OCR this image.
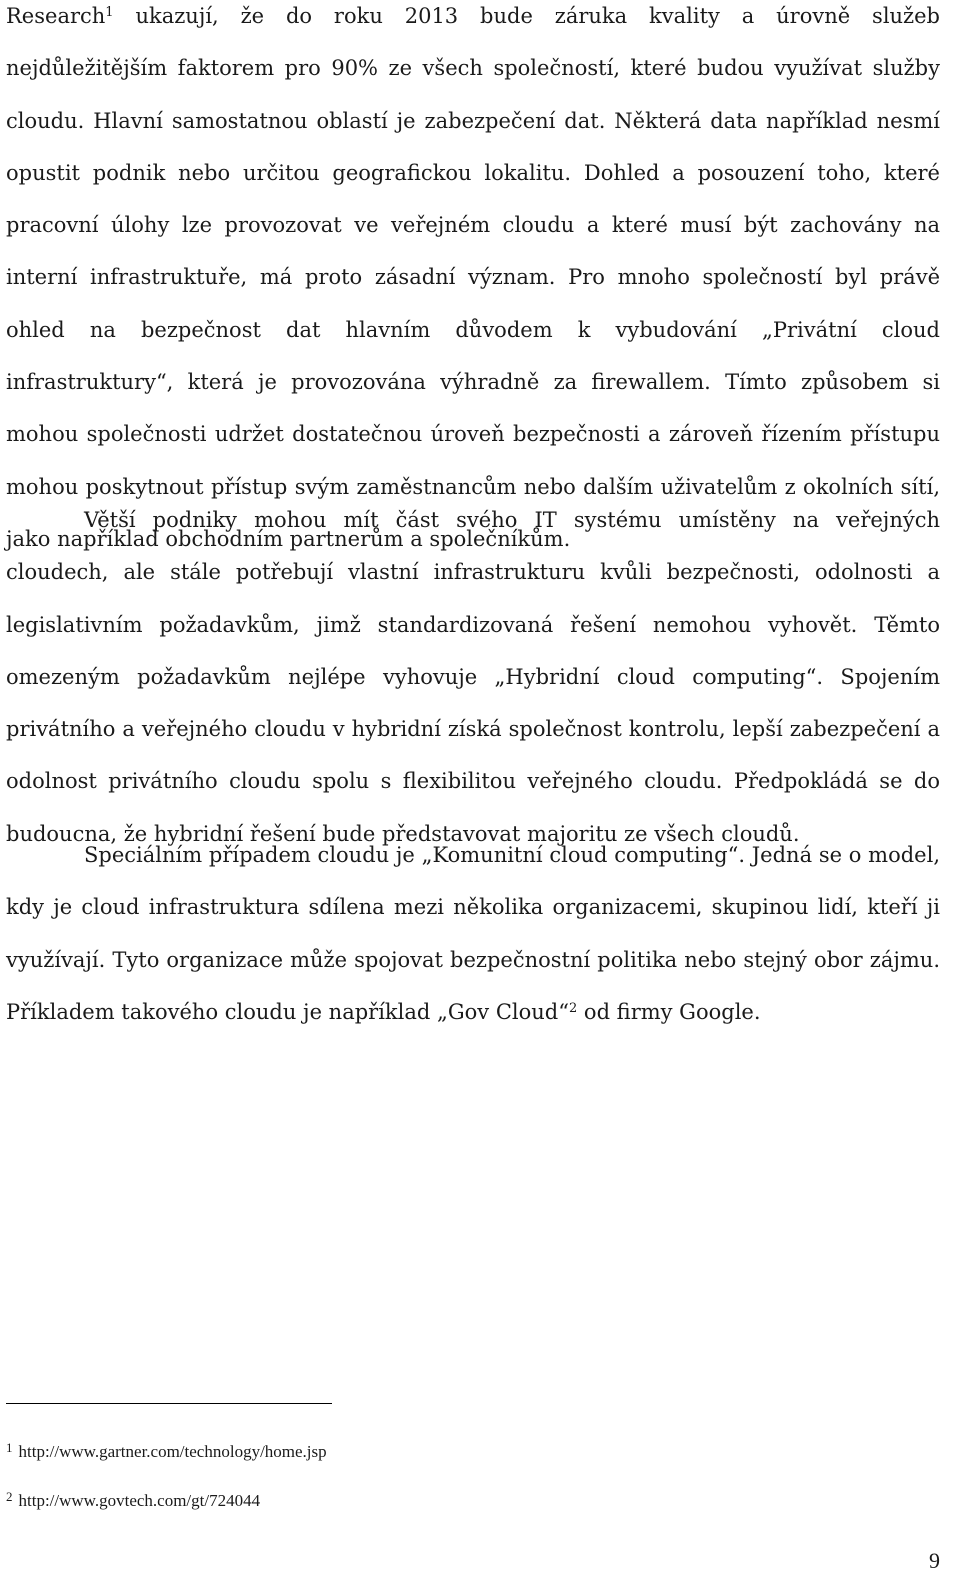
Research$^1$ ukazují, že do roku 2013 bude záruka kvality a úrovně služeb nejdůležitějším faktorem pro 90% ze všech společností, které budou využívat služby cloudu. Hlavní samostatnou oblastí je zabezpečení dat. Některá data například nesmí opustit podnik nebo určitou geografickou lokalitu. Dohled a posouzení toho, které pracovní úlohy lze provozovat ve veřejném cloudu a které musí být zachovány na interní infrastruktuře, má proto zásadní význam. Pro mnoho společností byl právě ohled na bezpečnost dat hlavním důvodem k vybudování „Privátní cloud infrastruktury“, která je provozována výhradně za firewallem. Tímto způsobem si mohou společnosti udržet dostatečnou úroveň bezpečnosti a zároveň řízením přístupu mohou poskytnout přístup svým zaměstnancům nebo dalším uživatelům z okolních sítí, jako například obchodním partnerům a společníkům.

Větší podniky mohou mít část svého IT systému umístěny na veřejných cloudech, ale stále potřebují vlastní infrastrukturu kvůli bezpečnosti, odolnosti a legislativním požadavkům, jimž standardizovaná řešení nemohou vyhovět. Těmto omezeným požadavkům nejlépe vyhovuje „Hybridní cloud computing“. Spojením privátního a veřejného cloudu v hybridní získá společnost kontrolu, lepší zabezpečení a odolnost privátního cloudu spolu s flexibilitou veřejného cloudu. Předpokládá se do budoucna, že hybridní řešení bude představovat majoritu ze všech cloudů.

Speciálním případem cloudu je „Komunitní cloud computing“. Jedná se o model, kdy je cloud infrastruktura sdílena mezi několika organizacemi, skupinou lidí, kteří ji využívají. Tyto organizace může spojovat bezpečnostní politika nebo stejný obor zájmu. Příkladem takového cloudu je například „Gov Cloud“$^2$ od firmy Google.

$^1$ http://www.gartner.com/technology/home.jsp
$^2$ http://www.govtech.com/gt/724044
9
